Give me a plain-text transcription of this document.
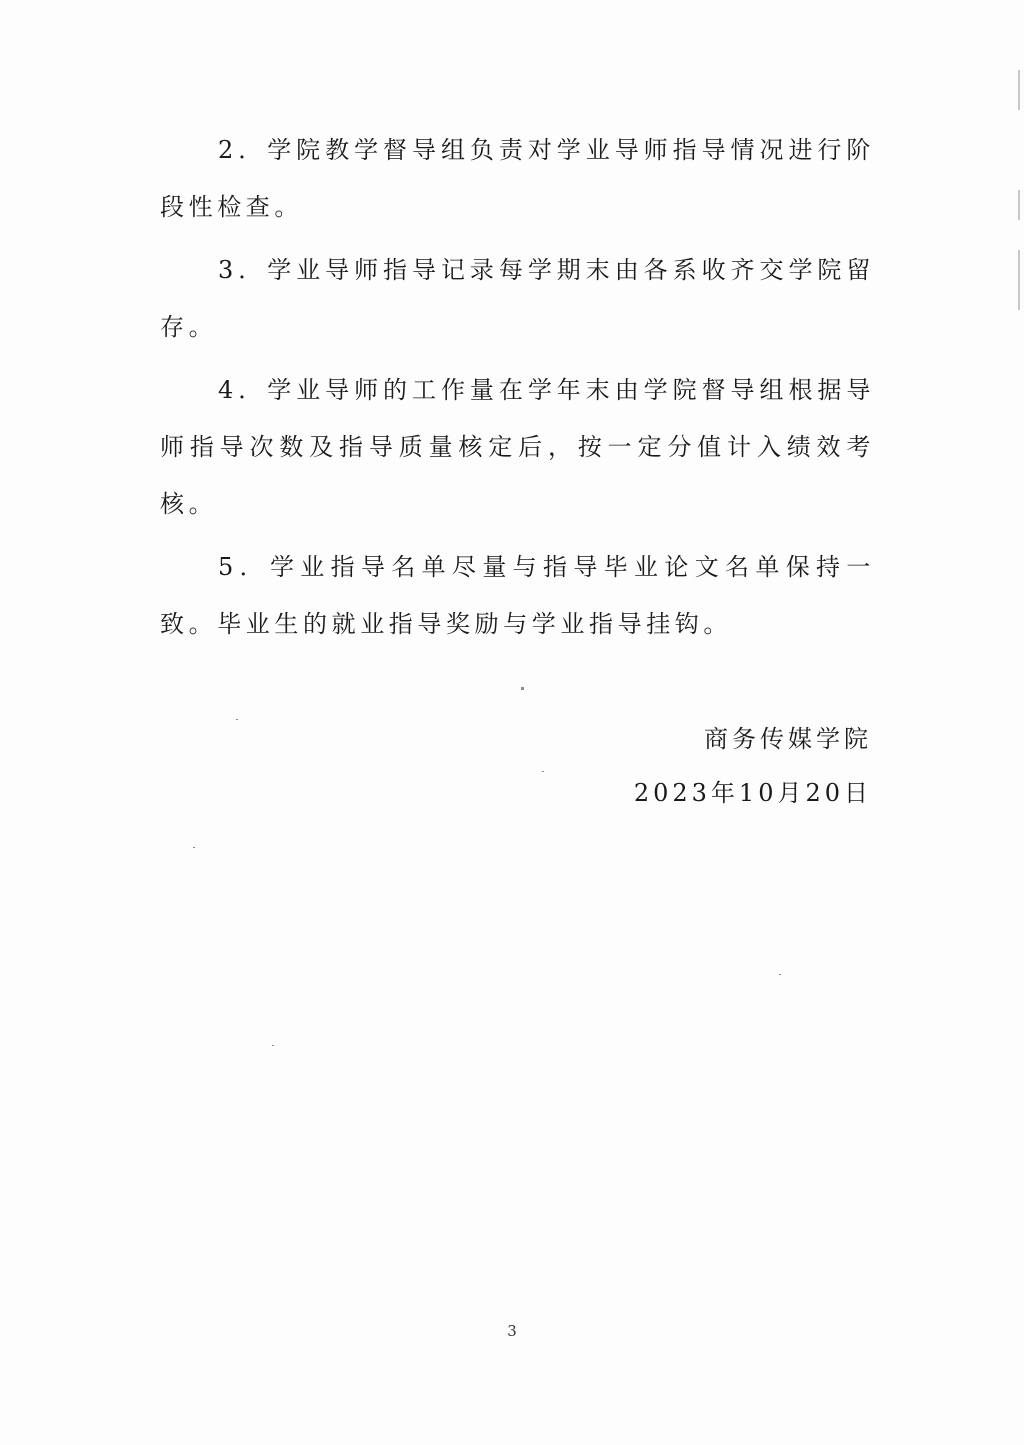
2．学院教学督导组负责对学业导师指导情况进行阶段性检查。

3．学业导师指导记录每学期末由各系收齐交学院留存。

4．学业导师的工作量在学年末由学院督导组根据导师指导次数及指导质量核定后，按一定分值计入绩效考核。

5．学业指导名单尽量与指导毕业论文名单保持一致。毕业生的就业指导奖励与学业指导挂钩。

商务传媒学院
2023年10月20日
3
